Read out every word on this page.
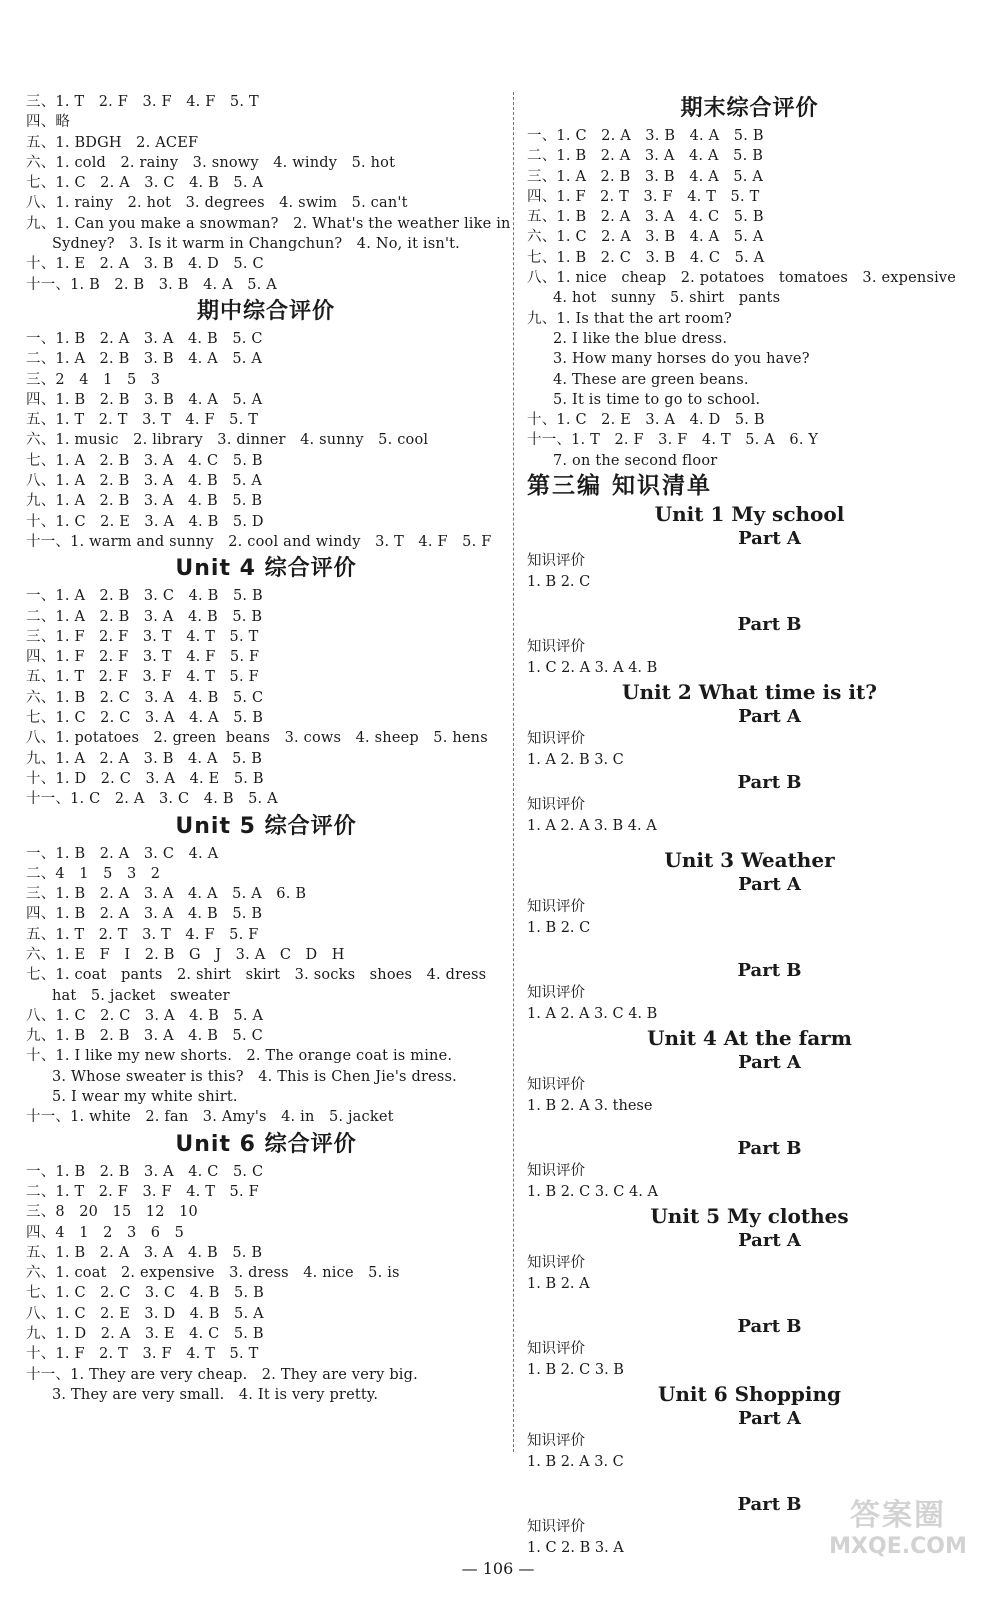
三、1. T   2. F   3. F   4. F   5. T
四、略
五、1. BDGH   2. ACEF
六、1. cold   2. rainy   3. snowy   4. windy   5. hot
七、1. C   2. A   3. C   4. B   5. A
八、1. rainy   2. hot   3. degrees   4. swim   5. can't
九、1. Can you make a snowman?   2. What's the weather like in
Sydney?   3. Is it warm in Changchun?   4. No, it isn't.
十、1. E   2. A   3. B   4. D   5. C
十一、1. B   2. B   3. B   4. A   5. A
期中综合评价
一、1. B   2. A   3. A   4. B   5. C
二、1. A   2. B   3. B   4. A   5. A
三、2   4   1   5   3
四、1. B   2. B   3. B   4. A   5. A
五、1. T   2. T   3. T   4. F   5. T
六、1. music   2. library   3. dinner   4. sunny   5. cool
七、1. A   2. B   3. A   4. C   5. B
八、1. A   2. B   3. A   4. B   5. A
九、1. A   2. B   3. A   4. B   5. B
十、1. C   2. E   3. A   4. B   5. D
十一、1. warm and sunny   2. cool and windy   3. T   4. F   5. F
Unit 4 综合评价
一、1. A   2. B   3. C   4. B   5. B
二、1. A   2. B   3. A   4. B   5. B
三、1. F   2. F   3. T   4. T   5. T
四、1. F   2. F   3. T   4. F   5. F
五、1. T   2. F   3. F   4. T   5. F
六、1. B   2. C   3. A   4. B   5. C
七、1. C   2. C   3. A   4. A   5. B
八、1. potatoes   2. green  beans   3. cows   4. sheep   5. hens
九、1. A   2. A   3. B   4. A   5. B
十、1. D   2. C   3. A   4. E   5. B
十一、1. C   2. A   3. C   4. B   5. A
Unit 5 综合评价
一、1. B   2. A   3. C   4. A
二、4   1   5   3   2
三、1. B   2. A   3. A   4. A   5. A   6. B
四、1. B   2. A   3. A   4. B   5. B
五、1. T   2. T   3. T   4. F   5. F
六、1. E   F   I   2. B   G   J   3. A   C   D   H
七、1. coat   pants   2. shirt   skirt   3. socks   shoes   4. dress
hat   5. jacket   sweater
八、1. C   2. C   3. A   4. B   5. A
九、1. B   2. B   3. A   4. B   5. C
十、1. I like my new shorts.   2. The orange coat is mine.
3. Whose sweater is this?   4. This is Chen Jie's dress.
5. I wear my white shirt.
十一、1. white   2. fan   3. Amy's   4. in   5. jacket
Unit 6 综合评价
一、1. B   2. B   3. A   4. C   5. C
二、1. T   2. F   3. F   4. T   5. F
三、8   20   15   12   10
四、4   1   2   3   6   5
五、1. B   2. A   3. A   4. B   5. B
六、1. coat   2. expensive   3. dress   4. nice   5. is
七、1. C   2. C   3. C   4. B   5. B
八、1. C   2. E   3. D   4. B   5. A
九、1. D   2. A   3. E   4. C   5. B
十、1. F   2. T   3. F   4. T   5. T
十一、1. They are very cheap.   2. They are very big.
3. They are very small.   4. It is very pretty.
期末综合评价
一、1. C   2. A   3. B   4. A   5. B
二、1. B   2. A   3. A   4. A   5. B
三、1. A   2. B   3. B   4. A   5. A
四、1. F   2. T   3. F   4. T   5. T
五、1. B   2. A   3. A   4. C   5. B
六、1. C   2. A   3. B   4. A   5. A
七、1. B   2. C   3. B   4. C   5. A
八、1. nice   cheap   2. potatoes   tomatoes   3. expensive
4. hot   sunny   5. shirt   pants
九、1. Is that the art room?
2. I like the blue dress.
3. How many horses do you have?
4. These are green beans.
5. It is time to go to school.
十、1. C   2. E   3. A   4. D   5. B
十一、1. T   2. F   3. F   4. T   5. A   6. Y
7. on the second floor
第三编 知识清单
Unit 1 My school
Part A
知识评价
1. B 2. C
Part B
知识评价
1. C 2. A 3. A 4. B
Unit 2 What time is it?
Part A
知识评价
1. A 2. B 3. C
Part B
知识评价
1. A 2. A 3. B 4. A
Unit 3 Weather
Part A
知识评价
1. B 2. C
Part B
知识评价
1. A 2. A 3. C 4. B
Unit 4 At the farm
Part A
知识评价
1. B 2. A 3. these
Part B
知识评价
1. B 2. C 3. C 4. A
Unit 5 My clothes
Part A
知识评价
1. B 2. A
Part B
知识评价
1. B 2. C 3. B
Unit 6 Shopping
Part A
知识评价
1. B 2. A 3. C
Part B
知识评价
1. C 2. B 3. A
— 106 —
答案圈
MXQE.COM
